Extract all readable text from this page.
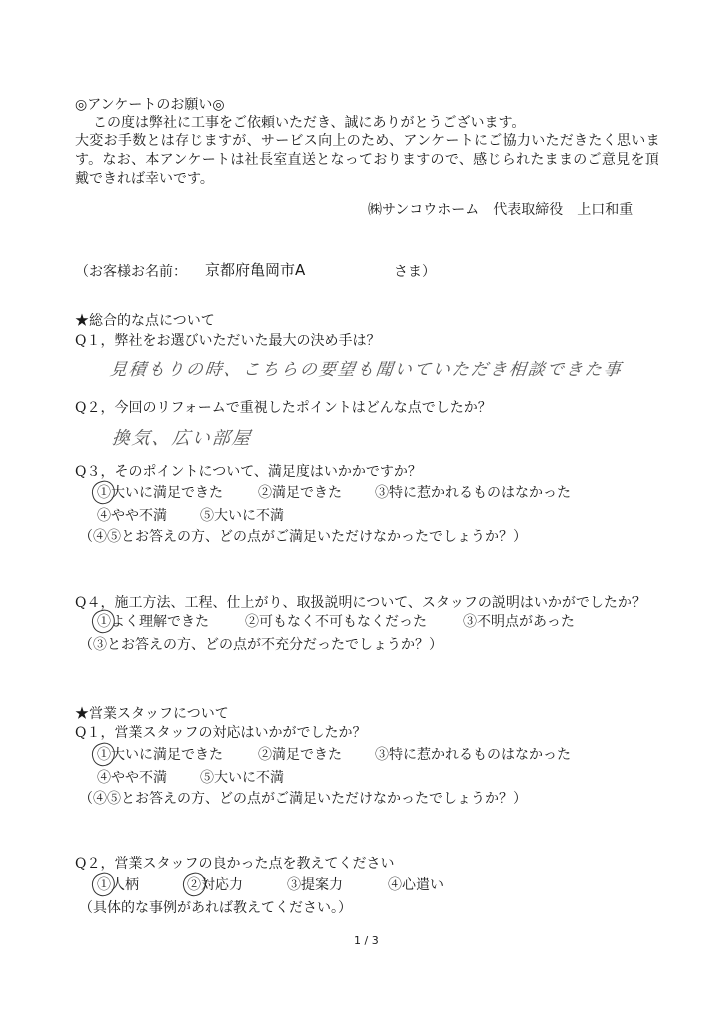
◎アンケートのお願い◎
この度は弊社に工事をご依頼いただき、誠にありがとうございます。
大変お手数とは存じますが、サービス向上のため、アンケートにご協力いただきたく思いま
す。なお、本アンケートは社長室直送となっておりますので、感じられたままのご意見を頂
戴できれば幸いです。
㈱サンコウホーム　代表取締役　上口和重
（お客様お名前： 京都府亀岡市A	さま）
★総合的な点について
Q１，弊社をお選びいただいた最大の決め手は？
見積もりの時、こちらの要望も聞いていただき相談できた事
Q２，今回のリフォームで重視したポイントはどんな点でしたか？
換気、広い部屋
Q３，そのポイントについて、満足度はいかかですか？
①大いに満足できた	②満足できた ③特に惹かれるものはなかった
④やや不満 ⑤大いに不満
（④⑤とお答えの方、どの点がご満足いただけなかったでしょうか？）
Q４，施工方法、工程、仕上がり、取扱説明について、スタッフの説明はいかがでしたか？
①よく理解できた	②可もなく不可もなくだった	③不明点があった
（③とお答えの方、どの点が不充分だったでしょうか？）
★営業スタッフについて
Q１，営業スタッフの対応はいかがでしたか？
①大いに満足できた	②満足できた ③特に惹かれるものはなかった
④やや不満 ⑤大いに不満
（④⑤とお答えの方、どの点がご満足いただけなかったでしょうか？）
Q２，営業スタッフの良かった点を教えてください
①人柄	②対応力	③提案力	④心遣い
（具体的な事例があれば教えてください。）
1 / 3
